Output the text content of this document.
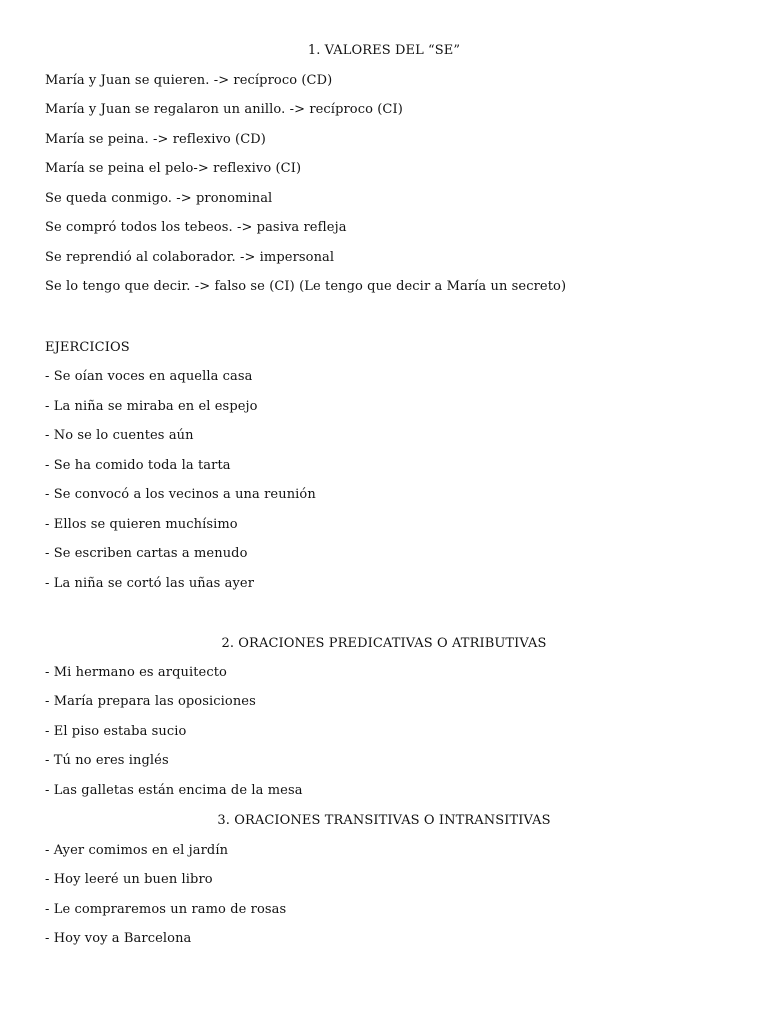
1. VALORES DEL “SE”
María y Juan se quieren. -> recíproco (CD)
María y Juan se regalaron un anillo. -> recíproco (CI)
María se peina. -> reflexivo (CD)
María se peina el pelo-> reflexivo (CI)
Se queda conmigo. -> pronominal
Se compró todos los tebeos. -> pasiva refleja
Se reprendió al colaborador. -> impersonal
Se lo tengo que decir. -> falso se (CI) (Le tengo que decir a María un secreto)
EJERCICIOS
- Se oían voces en aquella casa
- La niña se miraba en el espejo
- No se lo cuentes aún
- Se ha comido toda la tarta
- Se convocó a los vecinos a una reunión
- Ellos se quieren muchísimo
- Se escriben cartas a menudo
- La niña se cortó las uñas ayer
2. ORACIONES PREDICATIVAS O ATRIBUTIVAS
- Mi hermano es arquitecto
- María prepara las oposiciones
- El piso estaba sucio
- Tú no eres inglés
- Las galletas están encima de la mesa
3. ORACIONES TRANSITIVAS O INTRANSITIVAS
- Ayer comimos en el jardín
- Hoy leeré un buen libro
- Le compraremos un ramo de rosas
- Hoy voy a Barcelona
